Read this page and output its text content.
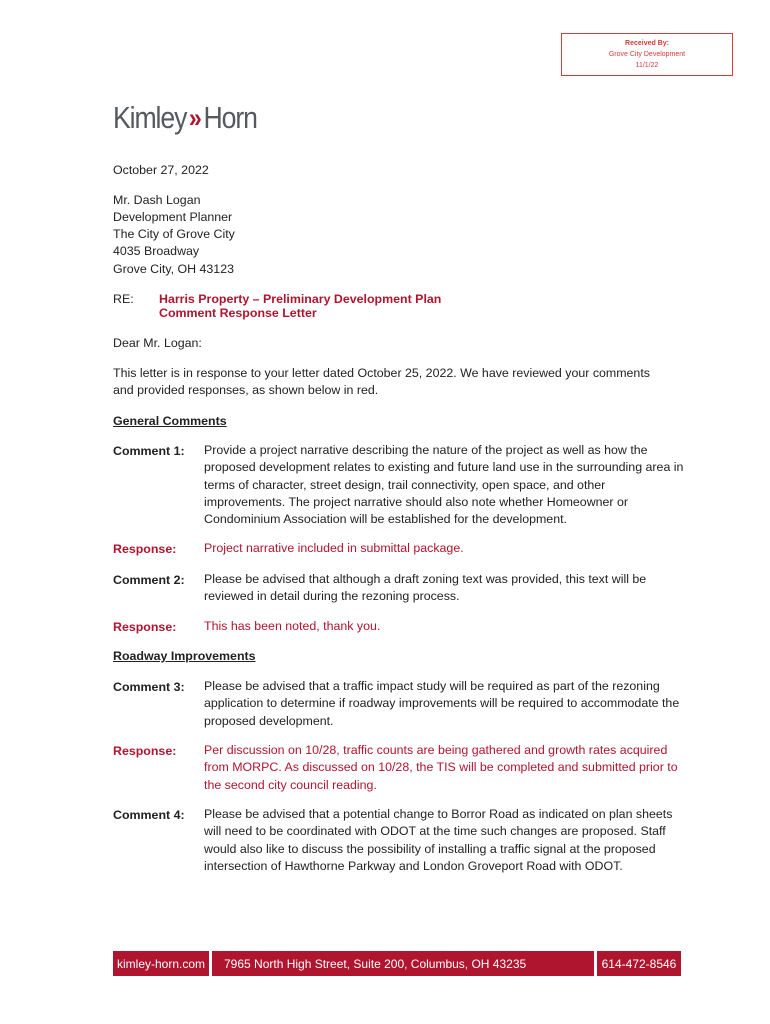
Received By:
Grove City Development
11/1/22
Kimley » Horn
October 27, 2022
Mr. Dash Logan
Development Planner
The City of Grove City
4035 Broadway
Grove City, OH 43123
RE: Harris Property – Preliminary Development Plan
Comment Response Letter
Dear Mr. Logan:
This letter is in response to your letter dated October 25, 2022. We have reviewed your comments and provided responses, as shown below in red.
General Comments
Comment 1: Provide a project narrative describing the nature of the project as well as how the proposed development relates to existing and future land use in the surrounding area in terms of character, street design, trail connectivity, open space, and other improvements. The project narrative should also note whether Homeowner or Condominium Association will be established for the development.
Response: Project narrative included in submittal package.
Comment 2: Please be advised that although a draft zoning text was provided, this text will be reviewed in detail during the rezoning process.
Response: This has been noted, thank you.
Roadway Improvements
Comment 3: Please be advised that a traffic impact study will be required as part of the rezoning application to determine if roadway improvements will be required to accommodate the proposed development.
Response: Per discussion on 10/28, traffic counts are being gathered and growth rates acquired from MORPC. As discussed on 10/28, the TIS will be completed and submitted prior to the second city council reading.
Comment 4: Please be advised that a potential change to Borror Road as indicated on plan sheets will need to be coordinated with ODOT at the time such changes are proposed. Staff would also like to discuss the possibility of installing a traffic signal at the proposed intersection of Hawthorne Parkway and London Groveport Road with ODOT.
kimley-horn.com	7965 North High Street, Suite 200, Columbus, OH 43235	614-472-8546
